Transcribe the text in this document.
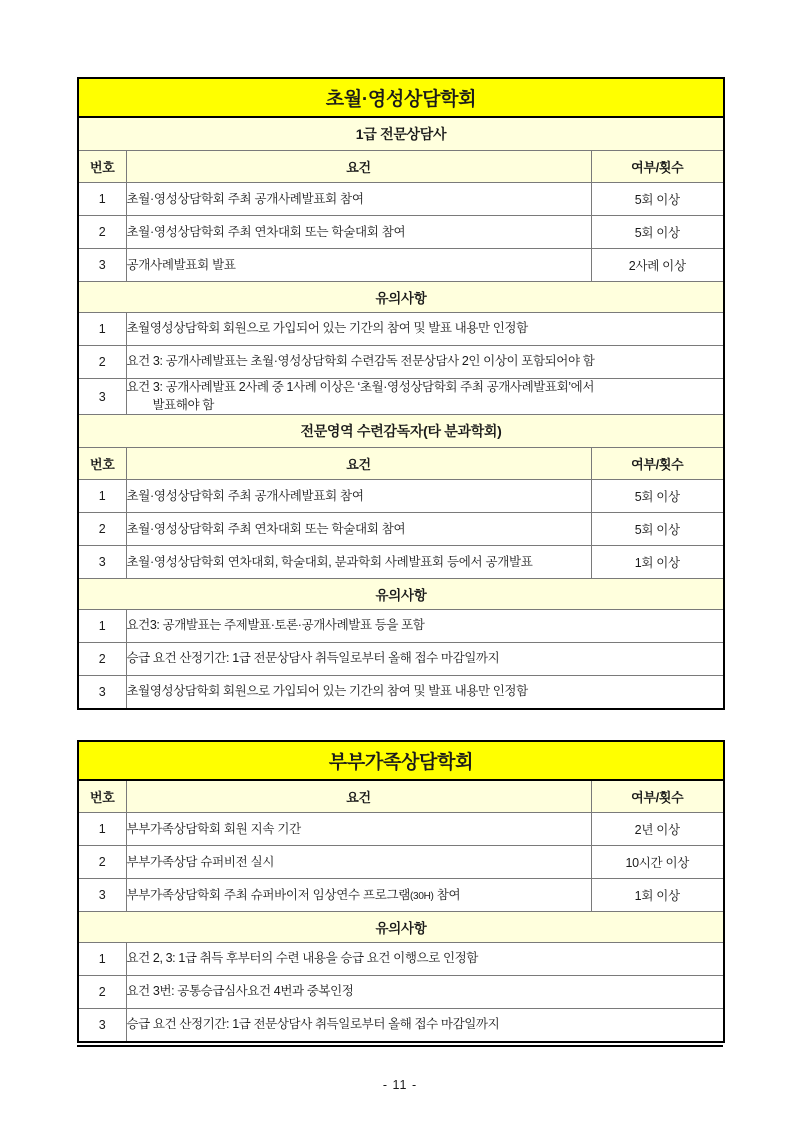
초월·영성상담학회		
1급 전문상담사		
번호	요건	여부/횟수
1	초월·영성상담학회 주최 공개사례발표회 참여	5회 이상
2	초월·영성상담학회 주최 연차대회 또는 학술대회 참여	5회 이상
3	공개사례발표회 발표	2사례 이상
유의사항		
1	초월영성상담학회 회원으로 가입되어 있는 기간의 참여 및 발표 내용만 인정함	
2	요건 3: 공개사례발표는 초월·영성상담학회 수련감독 전문상담사 2인 이상이 포함되어야 함	
3	요건 3: 공개사례발표 2사례 중 1사례 이상은 ‘초월·영성상담학회 주최 공개사례발표회’에서
발표해야 함	

전문영역 수련감독자(타 분과학회)		
번호	요건	여부/횟수
1	초월·영성상담학회 주최 공개사례발표회 참여	5회 이상
2	초월·영성상담학회 주최 연차대회 또는 학술대회 참여	5회 이상
3	초월·영성상담학회 연차대회, 학술대회, 분과학회 사례발표회 등에서 공개발표	1회 이상
유의사항		
1	요건3: 공개발표는 주제발표·토론·공개사례발표 등을 포함	
2	승급 요건 산정기간: 1급 전문상담사 취득일로부터 올해 접수 마감일까지	
3	초월영성상담학회 회원으로 가입되어 있는 기간의 참여 및 발표 내용만 인정함	
부부가족상담학회		
번호	요건	여부/횟수
1	부부가족상담학회 회원 지속 기간	2년 이상
2	부부가족상담 슈퍼비전 실시	10시간 이상
3	부부가족상담학회 주최 슈퍼바이저 임상연수 프로그램(30H) 참여	1회 이상
유의사항		
1	요건 2, 3: 1급 취득 후부터의 수련 내용을 승급 요건 이행으로 인정함	
2	요건 3번: 공통승급심사요건 4번과 중복인정	
3	승급 요건 산정기간: 1급 전문상담사 취득일로부터 올해 접수 마감일까지	
- 11 -
